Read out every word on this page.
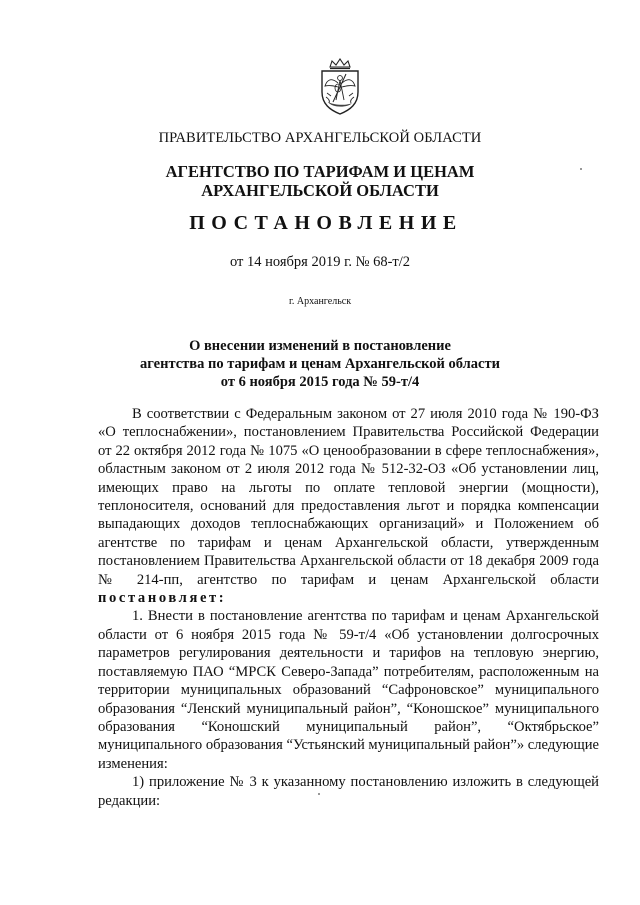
ПРАВИТЕЛЬСТВО АРХАНГЕЛЬСКОЙ ОБЛАСТИ
АГЕНТСТВО ПО ТАРИФАМ И ЦЕНАМ
АРХАНГЕЛЬСКОЙ ОБЛАСТИ
ПОСТАНОВЛЕНИЕ
от 14 ноября 2019 г. № 68-т/2
г. Архангельск
О внесении изменений в постановление
агентства по тарифам и ценам Архангельской области
от 6 ноября 2015 года № 59-т/4

В соответствии с Федеральным законом от 27 июля 2010 года № 190-ФЗ «О теплоснабжении», постановлением Правительства Российской Федерации от 22 октября 2012 года № 1075 «О ценообразовании в сфере теплоснабжения», областным законом от 2 июля 2012 года № 512-32-ОЗ «Об установлении лиц, имеющих право на льготы по оплате тепловой энергии (мощности), теплоносителя, оснований для предоставления льгот и порядка компенсации выпадающих доходов теплоснабжающих организаций» и Положением об агентстве по тарифам и ценам Архангельской области, утвержденным постановлением Правительства Архангельской области от 18 декабря 2009 года № 214-пп, агентство по тарифам и ценам Архангельской области постановляет:

1. Внести в постановление агентства по тарифам и ценам Архангельской области от 6 ноября 2015 года № 59-т/4 «Об установлении долгосрочных параметров регулирования деятельности и тарифов на тепловую энергию, поставляемую ПАО “МРСК Северо-Запада” потребителям, расположенным на территории муниципальных образований “Сафроновское” муниципального образования “Ленский муниципальный район”, “Коношское” муниципального образования “Коношский муниципальный район”, “Октябрьское” муниципального образования “Устьянский муниципальный район”» следующие изменения:

1) приложение № 3 к указанному постановлению изложить в следующей редакции:
